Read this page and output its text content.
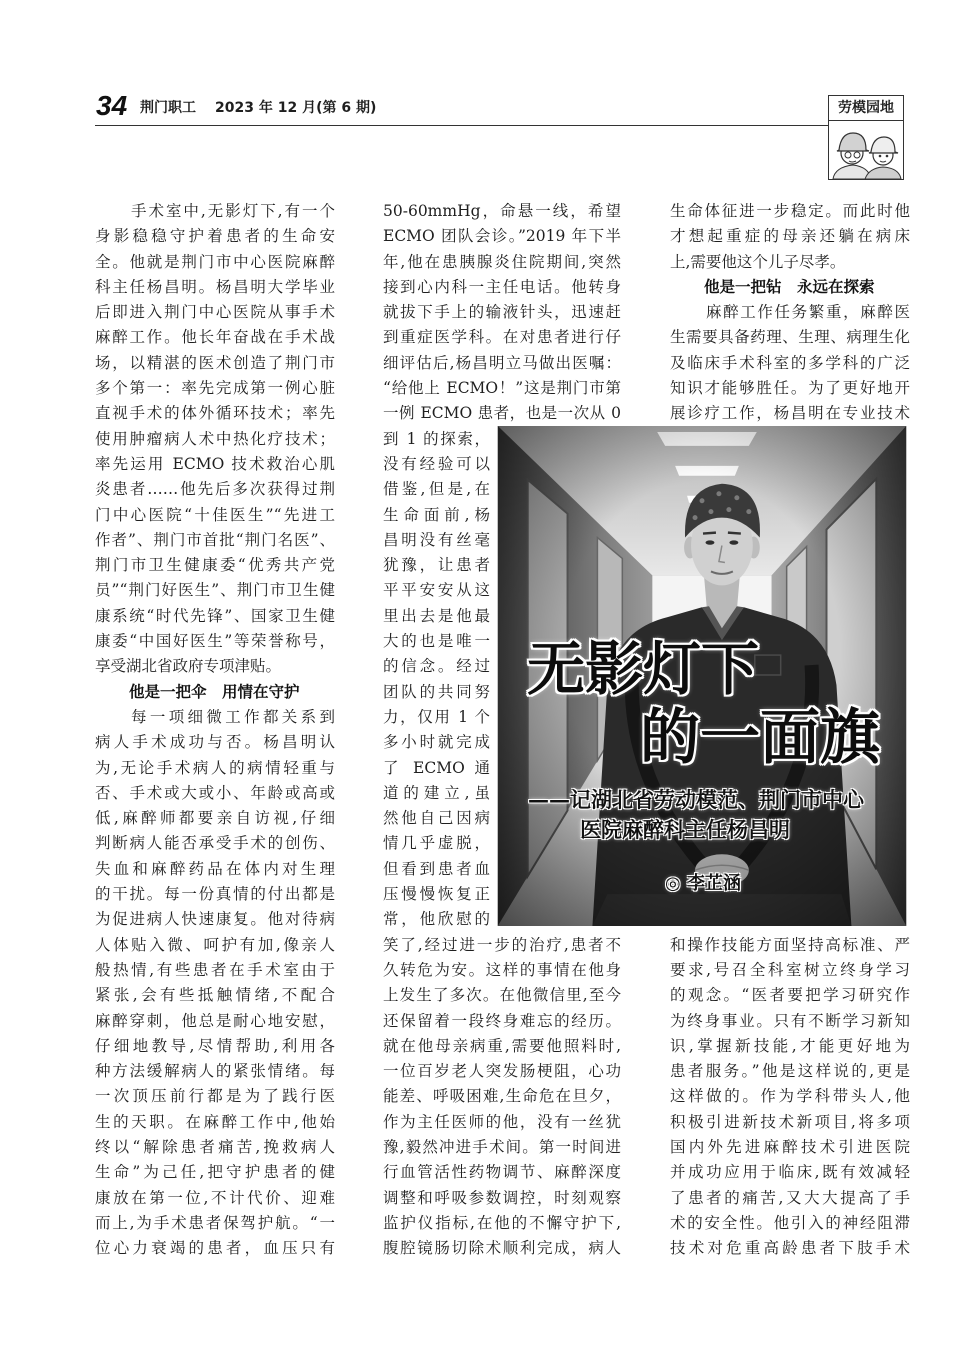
34 荆门职工 2023 年 12 月(第 6 期)	劳模园地
手术室中,无影灯下,有一个
身影稳稳守护着患者的生命安
全。他就是荆门市中心医院麻醉
科主任杨昌明。杨昌明大学毕业
后即进入荆门中心医院从事手术
麻醉工作。他长年奋战在手术战
场，以精湛的医术创造了荆门市
多个第一：率先完成第一例心脏
直视手术的体外循环技术；率先
使用肿瘤病人术中热化疗技术；
率先运用 ECMO 技术救治心肌
炎患者……他先后多次获得过荆
门中心医院“十佳医生”“先进工
作者”、荆门市首批“荆门名医”、
荆门市卫生健康委“优秀共产党
员”“荆门好医生”、荆门市卫生健
康系统“时代先锋”、国家卫生健
康委“中国好医生”等荣誉称号，
享受湖北省政府专项津贴。
他是一把伞　用情在守护
每一项细微工作都关系到
病人手术成功与否。杨昌明认
为,无论手术病人的病情轻重与
否、手术或大或小、年龄或高或
低,麻醉师都要亲自访视,仔细
判断病人能否承受手术的创伤、
失血和麻醉药品在体内对生理
的干扰。每一份真情的付出都是
为促进病人快速康复。他对待病
人体贴入微、呵护有加,像亲人
般热情,有些患者在手术室由于
紧张,会有些抵触情绪,不配合
麻醉穿刺，他总是耐心地安慰，
仔细地教导,尽情帮助,利用各
种方法缓解病人的紧张情绪。每
一次顶压前行都是为了践行医
生的天职。在麻醉工作中,他始
终以“解除患者痛苦,挽救病人
生命”为己任,把守护患者的健
康放在第一位,不计代价、迎难
而上,为手术患者保驾护航。“一
位心力衰竭的患者，血压只有
50-60mmHg，命悬一线，希望
ECMO 团队会诊。”2019 年下半
年,他在患胰腺炎住院期间,突然
接到心内科一主任电话。他转身
就拔下手上的输液针头，迅速赶
到重症医学科。在对患者进行仔
细评估后,杨昌明立马做出医嘱：
“给他上 ECMO！”这是荆门市第
一例 ECMO 患者，也是一次从 0
到 1 的探索，
没有经验可以
借鉴,但是,在
生命面前,杨
昌明没有丝毫
犹豫，让患者
平平安安从这
里出去是他最
大的也是唯一
的信念。经过
团队的共同努
力，仅用 1 个
多小时就完成
了 ECMO 通
道的建立,虽
然他自己因病
情几乎虚脱，
但看到患者血
压慢慢恢复正
常，他欣慰的
笑了,经过进一步的治疗,患者不
久转危为安。这样的事情在他身
上发生了多次。在他微信里,至今
还保留着一段终身难忘的经历。
就在他母亲病重,需要他照料时,
一位百岁老人突发肠梗阻，心功
能差、呼吸困难,生命危在旦夕，
作为主任医师的他，没有一丝犹
豫,毅然冲进手术间。第一时间进
行血管活性药物调节、麻醉深度
调整和呼吸参数调控，时刻观察
监护仪指标,在他的不懈守护下,
腹腔镜肠切除术顺利完成，病人
生命体征进一步稳定。而此时他
才想起重症的母亲还躺在病床
上,需要他这个儿子尽孝。
他是一把钻　永远在探索
麻醉工作任务繁重，麻醉医
生需要具备药理、生理、病理生化
及临床手术科室的多学科的广泛
知识才能够胜任。为了更好地开
展诊疗工作，杨昌明在专业技术
和操作技能方面坚持高标准、严
要求,号召全科室树立终身学习
的观念。“医者要把学习研究作
为终身事业。只有不断学习新知
识,掌握新技能,才能更好地为
患者服务。”他是这样说的,更是
这样做的。作为学科带头人,他
积极引进新技术新项目,将多项
国内外先进麻醉技术引进医院
并成功应用于临床,既有效减轻
了患者的痛苦,又大大提高了手
术的安全性。他引入的神经阻滞
技术对危重高龄患者下肢手术
无影灯下
的一面旗
——记湖北省劳动模范、荆门市中心
医院麻醉科主任杨昌明
◎ 李芷涵
